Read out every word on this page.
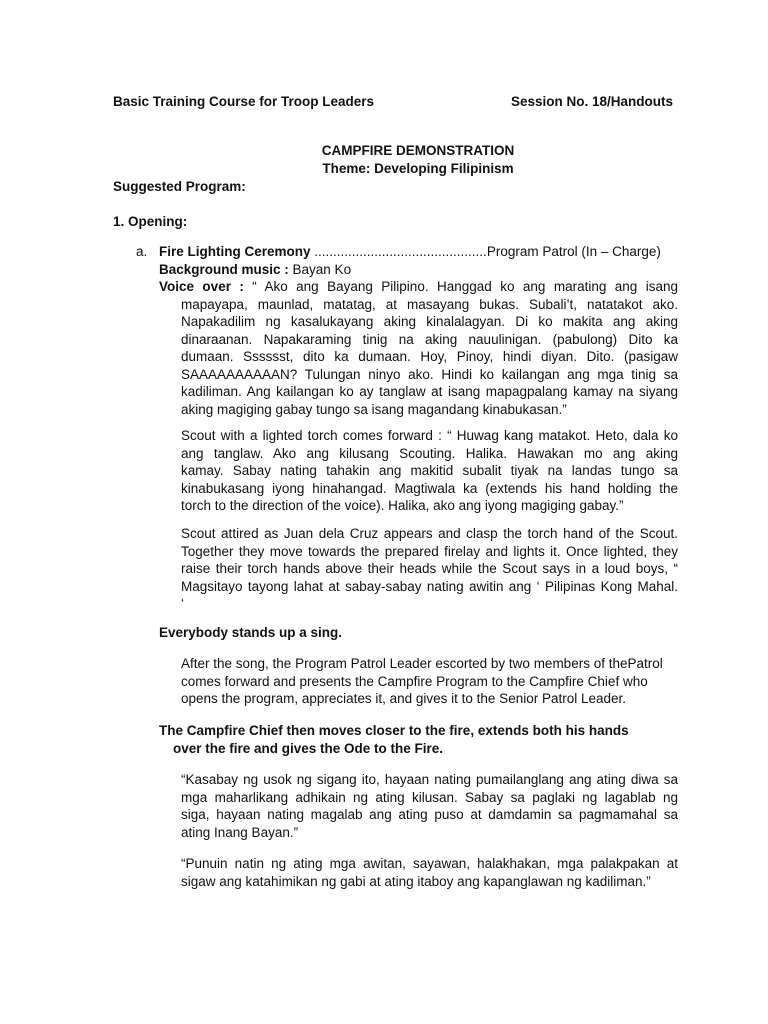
Basic Training Course for Troop Leaders	Session No. 18/Handouts
CAMPFIRE DEMONSTRATION
Theme: Developing Filipinism
Suggested Program:
1. Opening:
a. Fire Lighting Ceremony ..............................................Program Patrol (In – Charge)
Background music : Bayan Ko
Voice over : “ Ako ang Bayang Pilipino. Hanggad ko ang marating ang isang
mapayapa, maunlad, matatag, at masayang bukas. Subali’t, natatakot ako.
Napakadilim ng kasalukayang aking kinalalagyan. Di ko makita ang aking
dinaraanan. Napakaraming tinig na aking nauulinigan. (pabulong) Dito ka
dumaan. Sssssst, dito ka dumaan. Hoy, Pinoy, hindi diyan. Dito. (pasigaw
SAAAAAAAAAAN? Tulungan ninyo ako. Hindi ko kailangan ang mga tinig sa
kadiliman. Ang kailangan ko ay tanglaw at isang mapagpalang kamay na siyang
aking magiging gabay tungo sa isang magandang kinabukasan.”
Scout with a lighted torch comes forward : “ Huwag kang matakot. Heto, dala ko
ang tanglaw. Ako ang kilusang Scouting. Halika. Hawakan mo ang aking
kamay. Sabay nating tahakin ang makitid subalit tiyak na landas tungo sa
kinabukasang iyong hinahangad. Magtiwala ka (extends his hand holding the
torch to the direction of the voice). Halika, ako ang iyong magiging gabay.”
Scout attired as Juan dela Cruz appears and clasp the torch hand of the Scout.
Together they move towards the prepared firelay and lights it. Once lighted, they
raise their torch hands above their heads while the Scout says in a loud boys, “
Magsitayo tayong lahat at sabay-sabay nating awitin ang ‘ Pilipinas Kong Mahal.
‘
Everybody stands up a sing.
After the song, the Program Patrol Leader escorted by two members of thePatrol
comes forward and presents the Campfire Program to the Campfire Chief who
opens the program, appreciates it, and gives it to the Senior Patrol Leader.
The Campfire Chief then moves closer to the fire, extends both his hands
over the fire and gives the Ode to the Fire.
“Kasabay ng usok ng sigang ito, hayaan nating pumailanglang ang ating diwa sa
mga maharlikang adhikain ng ating kilusan. Sabay sa paglaki ng lagablab ng
siga, hayaan nating magalab ang ating puso at damdamin sa pagmamahal sa
ating Inang Bayan.”
“Punuin natin ng ating mga awitan, sayawan, halakhakan, mga palakpakan at
sigaw ang katahimikan ng gabi at ating itaboy ang kapanglawan ng kadiliman.”
